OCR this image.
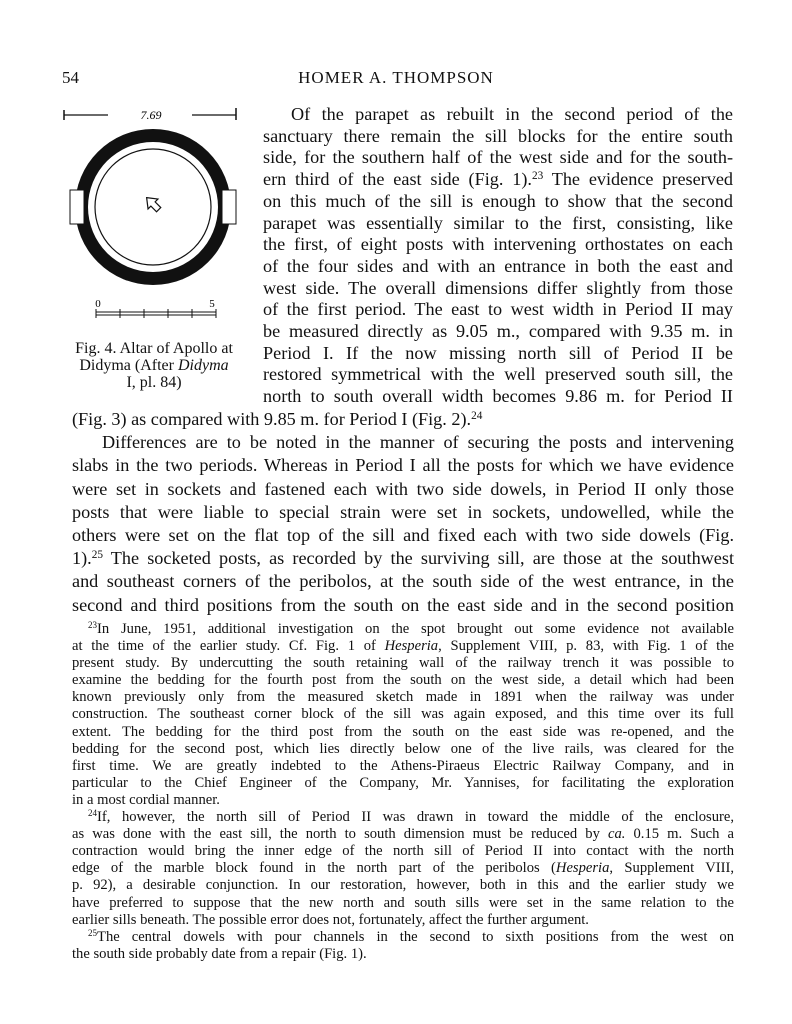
54	HOMER A. THOMPSON
7.69
0	5
Fig. 4. Altar of Apollo at
Didyma (After Didyma
I, pl. 84)
Of the parapet as rebuilt in the second period of the
sanctuary there remain the sill blocks for the entire south
side, for the southern half of the west side and for the south-
ern third of the east side (Fig. 1).$^{23}$ The evidence preserved
on this much of the sill is enough to show that the second
parapet was essentially similar to the first, consisting, like
the first, of eight posts with intervening orthostates on each
of the four sides and with an entrance in both the east and
west side. The overall dimensions differ slightly from those
of the first period. The east to west width in Period II may
be measured directly as 9.05 m., compared with 9.35 m. in
Period I. If the now missing north sill of Period II be
restored symmetrical with the well preserved south sill, the
north to south overall width becomes 9.86 m. for Period II
(Fig. 3) as compared with 9.85 m. for Period I (Fig. 2).$^{24}$
Differences are to be noted in the manner of securing the posts and intervening
slabs in the two periods. Whereas in Period I all the posts for which we have evidence
were set in sockets and fastened each with two side dowels, in Period II only those
posts that were liable to special strain were set in sockets, undowelled, while the
others were set on the flat top of the sill and fixed each with two side dowels (Fig.
1).$^{25}$ The socketed posts, as recorded by the surviving sill, are those at the southwest
and southeast corners of the peribolos, at the south side of the west entrance, in the
second and third positions from the south on the east side and in the second position
$^{23}$In June, 1951, additional investigation on the spot brought out some evidence not available
at the time of the earlier study. Cf. Fig. 1 of Hesperia, Supplement VIII, p. 83, with Fig. 1 of the
present study. By undercutting the south retaining wall of the railway trench it was possible to
examine the bedding for the fourth post from the south on the west side, a detail which had been
known previously only from the measured sketch made in 1891 when the railway was under
construction. The southeast corner block of the sill was again exposed, and this time over its full
extent. The bedding for the third post from the south on the east side was re-opened, and the
bedding for the second post, which lies directly below one of the live rails, was cleared for the
first time. We are greatly indebted to the Athens-Piraeus Electric Railway Company, and in
particular to the Chief Engineer of the Company, Mr. Yannises, for facilitating the exploration
in a most cordial manner.
$^{24}$If, however, the north sill of Period II was drawn in toward the middle of the enclosure,
as was done with the east sill, the north to south dimension must be reduced by ca. 0.15 m. Such a
contraction would bring the inner edge of the north sill of Period II into contact with the north
edge of the marble block found in the north part of the peribolos (Hesperia, Supplement VIII,
p. 92), a desirable conjunction. In our restoration, however, both in this and the earlier study we
have preferred to suppose that the new north and south sills were set in the same relation to the
earlier sills beneath. The possible error does not, fortunately, affect the further argument.
$^{25}$The central dowels with pour channels in the second to sixth positions from the west on
the south side probably date from a repair (Fig. 1).
